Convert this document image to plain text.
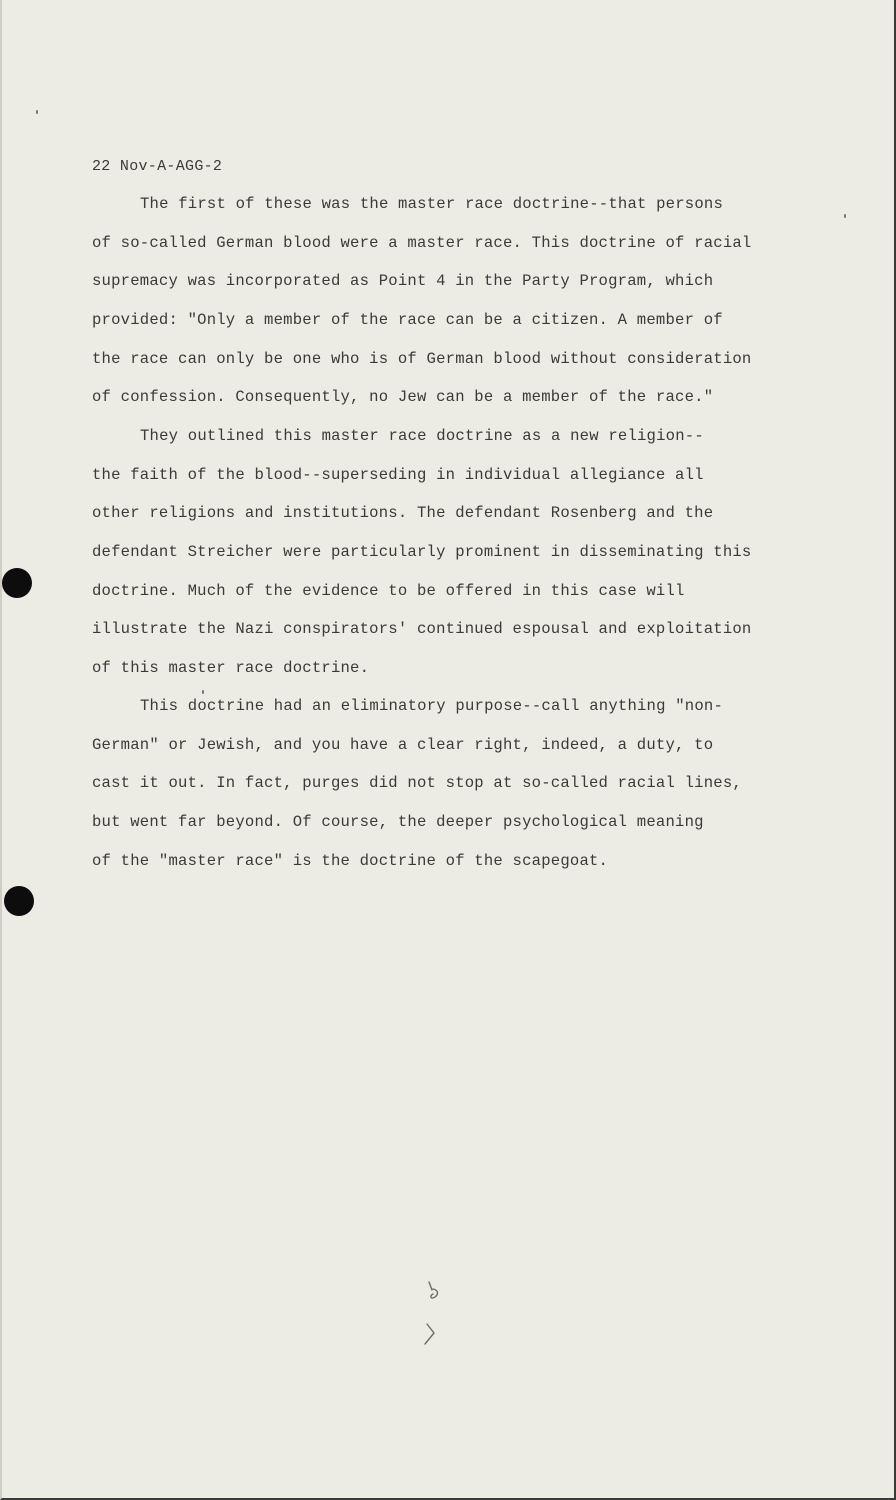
22 Nov-A-AGG-2

The first of these was the master race doctrine--that persons
of so-called German blood were a master race. This doctrine of racial
supremacy was incorporated as Point 4 in the Party Program, which
provided: "Only a member of the race can be a citizen. A member of
the race can only be one who is of German blood without consideration
of confession. Consequently, no Jew can be a member of the race."
They outlined this master race doctrine as a new religion--
the faith of the blood--superseding in individual allegiance all
other religions and institutions. The defendant Rosenberg and the
defendant Streicher were particularly prominent in disseminating this
doctrine. Much of the evidence to be offered in this case will
illustrate the Nazi conspirators' continued espousal and exploitation
of this master race doctrine.
This doctrine had an eliminatory purpose--call anything "non-
German" or Jewish, and you have a clear right, indeed, a duty, to
cast it out. In fact, purges did not stop at so-called racial lines,
but went far beyond. Of course, the deeper psychological meaning
of the "master race" is the doctrine of the scapegoat.
